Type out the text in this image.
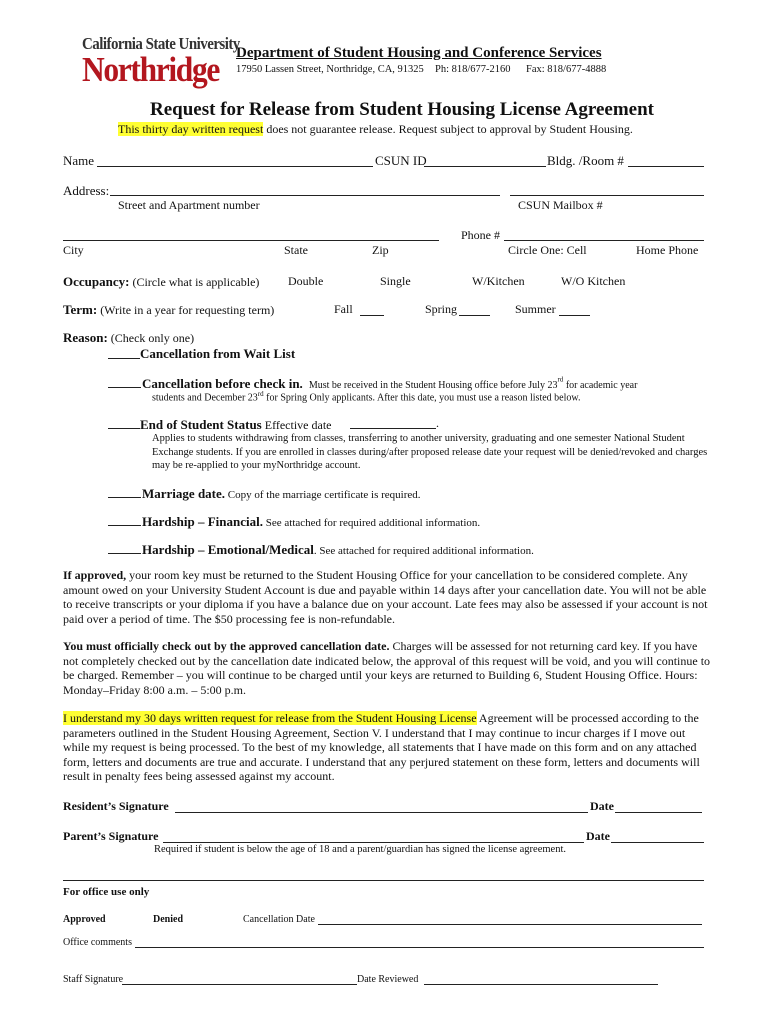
California State University
Northridge Department of Student Housing and Conference Services
17950 Lassen Street, Northridge, CA, 91325 Ph: 818/677-2160 Fax: 818/677-4888
Request for Release from Student Housing License Agreement
This thirty day written request does not guarantee release. Request subject to approval by Student Housing.
Name	CSUN ID	Bldg. /Room #
Address:
Street and Apartment number	CSUN Mailbox #
Phone #
City	State	Zip	Circle One: Cell	Home Phone
Occupancy: (Circle what is applicable) Double	Single	W/Kitchen	W/O Kitchen
Term: (Write in a year for requesting term)	Fall	Spring	Summer
Reason: (Check only one)
Cancellation from Wait List
Cancellation before check in. Must be received in the Student Housing office before July 23rd for academic year
students and December 23rd for Spring Only applicants. After this date, you must use a reason listed below.
End of Student Status Effective date	.
Applies to students withdrawing from classes, transferring to another university, graduating and one semester National Student Exchange students. If you are enrolled in classes during/after proposed release date your request will be denied/revoked and charges may be re-applied to your myNorthridge account.
Marriage date. Copy of the marriage certificate is required.
Hardship – Financial. See attached for required additional information.
Hardship – Emotional/Medical. See attached for required additional information.
If approved, your room key must be returned to the Student Housing Office for your cancellation to be considered complete. Any amount owed on your University Student Account is due and payable within 14 days after your cancellation date. You will not be able to receive transcripts or your diploma if you have a balance due on your account. Late fees may also be assessed if your account is not paid over a period of time. The $50 processing fee is non-refundable.
You must officially check out by the approved cancellation date. Charges will be assessed for not returning card key. If you have not completely checked out by the cancellation date indicated below, the approval of this request will be void, and you will continue to be charged. Remember – you will continue to be charged until your keys are returned to Building 6, Student Housing Office. Hours: Monday–Friday 8:00 a.m. – 5:00 p.m.
I understand my 30 days written request for release from the Student Housing License Agreement will be processed according to the parameters outlined in the Student Housing Agreement, Section V. I understand that I may continue to incur charges if I move out while my request is being processed. To the best of my knowledge, all statements that I have made on this form and on any attached form, letters and documents are true and accurate. I understand that any perjured statement on these form, letters and documents will result in penalty fees being assessed against my account.
Resident’s Signature	Date
Parent’s Signature	Date
Required if student is below the age of 18 and a parent/guardian has signed the license agreement.
For office use only
Approved	Denied	Cancellation Date
Office comments
Staff Signature	Date Reviewed
